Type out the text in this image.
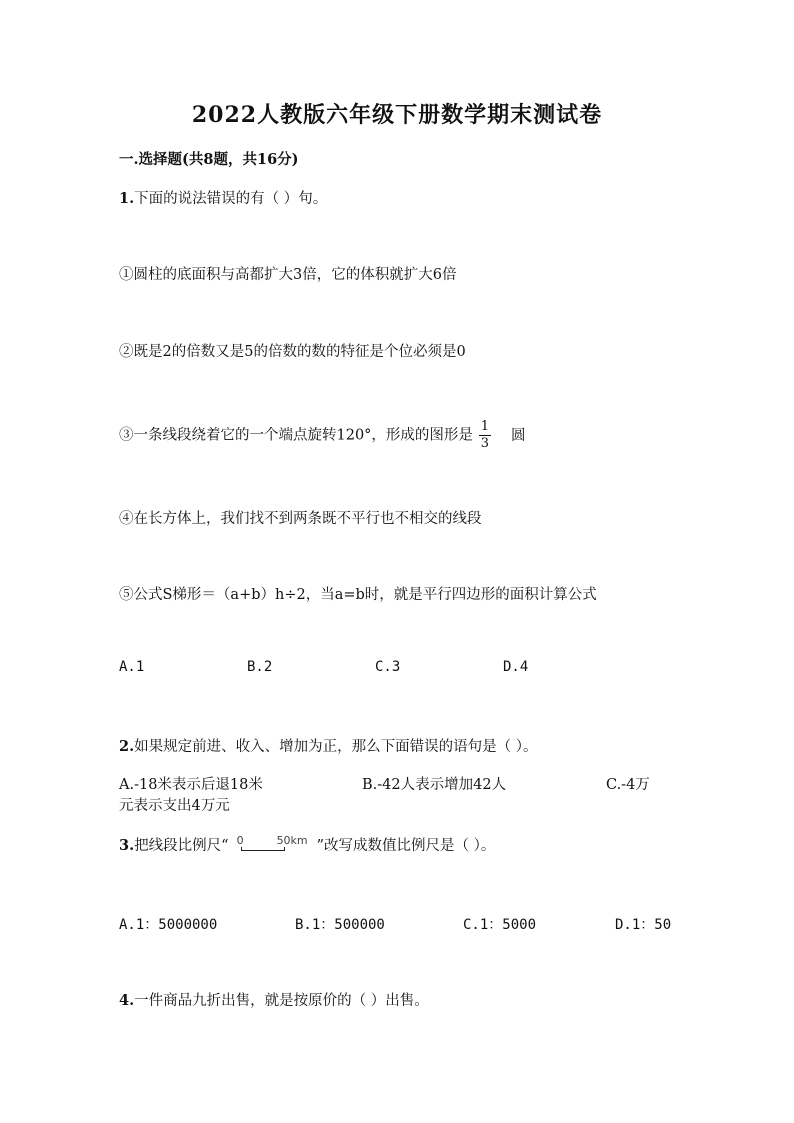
2022人教版六年级下册数学期末测试卷
一.选择题(共8题，共16分)
1.下面的说法错误的有（ ）句。
①圆柱的底面积与高都扩大3倍，它的体积就扩大6倍
②既是2的倍数又是5的倍数的数的特征是个位必须是0
③一条线段绕着它的一个端点旋转120°，形成的图形是 $\frac{1}{3}$ 圆
④在长方体上，我们找不到两条既不平行也不相交的线段
⑤公式S梯形＝（a+b）h÷2，当a=b时，就是平行四边形的面积计算公式
A.1	B.2	C.3	D.4
2.如果规定前进、收入、增加为正，那么下面错误的语句是（ ）。
A.-18米表示后退18米	B.-42人表示增加42人	C.-4万
元表示支出4万元
3.把线段比例尺“ 0	50km ”改写成数值比例尺是（ ）。
A.1：5000000	B.1：500000	C.1：5000	D.1：50
4.一件商品九折出售，就是按原价的（ ）出售。
